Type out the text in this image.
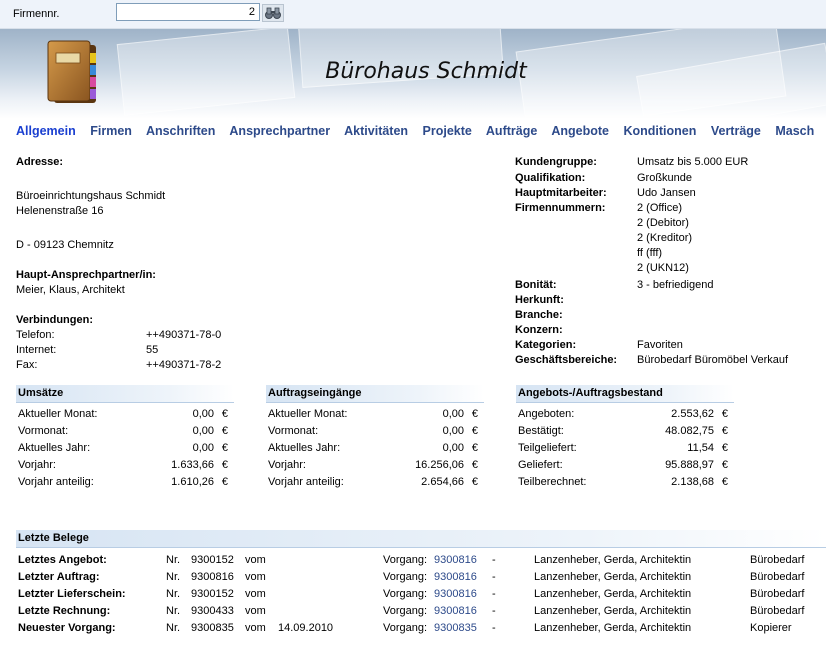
Firmennr.
2
Bürohaus Schmidt
Allgemein Firmen Anschriften Ansprechpartner Aktivitäten Projekte Aufträge Angebote Konditionen Verträge Masch
Adresse:
Büroeinrichtungshaus Schmidt
Helenenstraße 16
D - 09123 Chemnitz
Haupt-Ansprechpartner/in:
Meier, Klaus, Architekt
Verbindungen:
Telefon:	++490371-78-0
Internet:	55
Fax:	++490371-78-2
Kundengruppe:	Umsatz bis 5.000 EUR
Qualifikation:	Großkunde
Hauptmitarbeiter:	Udo Jansen
Firmennummern:	2 (Office)
2 (Debitor)
2 (Kreditor)
ff (fff)
2 (UKN12)
Bonität:	3 - befriedigend
Herkunft:
Branche:
Konzern:
Kategorien:	Favoriten
Geschäftsbereiche: Bürobedarf Büromöbel Verkauf
Umsätze	Auftragseingänge	Angebots-/Auftragsbestand
Aktueller Monat:	0,00 €
Vormonat:	0,00 €
Aktuelles Jahr:	0,00 €
Vorjahr:	1.633,66 €
Vorjahr anteilig:	1.610,26 €
Aktueller Monat:	0,00 €
Vormonat:	0,00 €
Aktuelles Jahr:	0,00 €
Vorjahr:	16.256,06 €
Vorjahr anteilig:	2.654,66 €
Angeboten:	2.553,62 €
Bestätigt:	48.082,75 €
Teilgeliefert:	11,54 €
Geliefert:	95.888,97 €
Teilberechnet:	2.138,68 €
Letzte Belege
Letztes Angebot:	Nr. 9300152 vom	Vorgang: 9300816 -	Lanzenheber, Gerda, Architektin	Bürobedarf
Letzter Auftrag:	Nr. 9300816 vom	Vorgang: 9300816 -	Lanzenheber, Gerda, Architektin	Bürobedarf
Letzter Lieferschein:	Nr. 9300152 vom	Vorgang: 9300816 -	Lanzenheber, Gerda, Architektin	Bürobedarf
Letzte Rechnung:	Nr. 9300433 vom	Vorgang: 9300816 -	Lanzenheber, Gerda, Architektin	Bürobedarf
Neuester Vorgang:	Nr. 9300835 vom 14.09.2010	Vorgang: 9300835 -	Lanzenheber, Gerda, Architektin	Kopierer
